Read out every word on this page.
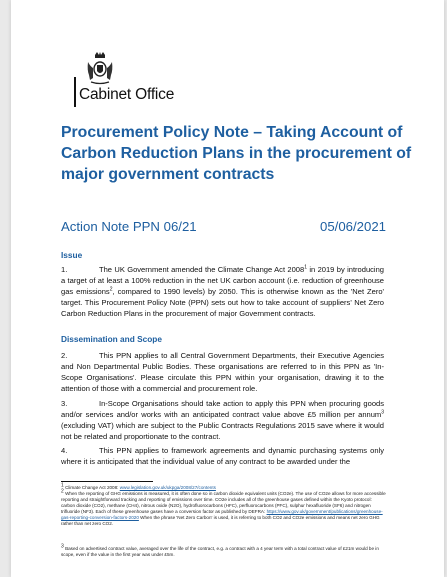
Cabinet Office
Procurement Policy Note – Taking Account of Carbon Reduction Plans in the procurement of major government contracts
Action Note PPN 06/21	05/06/2021
Issue
1.	The UK Government amended the Climate Change Act 2008$^1$ in 2019 by introducing a target of at least a 100% reduction in the net UK carbon account (i.e. reduction of greenhouse gas emissions$^2$, compared to 1990 levels) by 2050. This is otherwise known as the 'Net Zero' target. This Procurement Policy Note (PPN) sets out how to take account of suppliers' Net Zero Carbon Reduction Plans in the procurement of major Government contracts.
Dissemination and Scope
2.	This PPN applies to all Central Government Departments, their Executive Agencies and Non Departmental Public Bodies. These organisations are referred to in this PPN as 'In-Scope Organisations'. Please circulate this PPN within your organisation, drawing it to the attention of those with a commercial and procurement role.
3.	In-Scope Organisations should take action to apply this PPN when procuring goods and/or services and/or works with an anticipated contract value above £5 million per annum$^3$ (excluding VAT) which are subject to the Public Contracts Regulations 2015 save where it would not be related and proportionate to the contract.
4.	This PPN applies to framework agreements and dynamic purchasing systems only where it is anticipated that the individual value of any contract to be awarded under the
$^1$ Climate Change Act 2008: www.legislation.gov.uk/ukpga/2008/27/contents
$^2$ When the reporting of GHG emissions is measured, it is often done so in carbon dioxide equivalent units (CO2e). The use of CO2e allows for more accessible reporting and straightforward tracking and reporting of emissions over time. CO2e includes all of the greenhouse gases defined within the Kyoto protocol: carbon dioxide (CO2), methane (CH4), nitrous oxide (N2O), hydrofluorocarbons (HFC), perfluorocarbons (PFC), sulphur hexafluoride (SF6) and nitrogen trifluoride (NF3). Each of these greenhouse gases have a conversion factor as published by DEFRA: https://www.gov.uk/government/publications/greenhouse-gas-reporting-conversion-factors-2020 When the phrase 'Net Zero Carbon' is used, it is referring to both CO2 and CO2e emissions and means net zero GHG rather than net zero CO2.
$^3$ Based on advertised contract value, averaged over the life of the contract, e.g. a contract with a 4 year term with a total contract value of £21m would be in scope, even if the value in the first year was under £5m.
